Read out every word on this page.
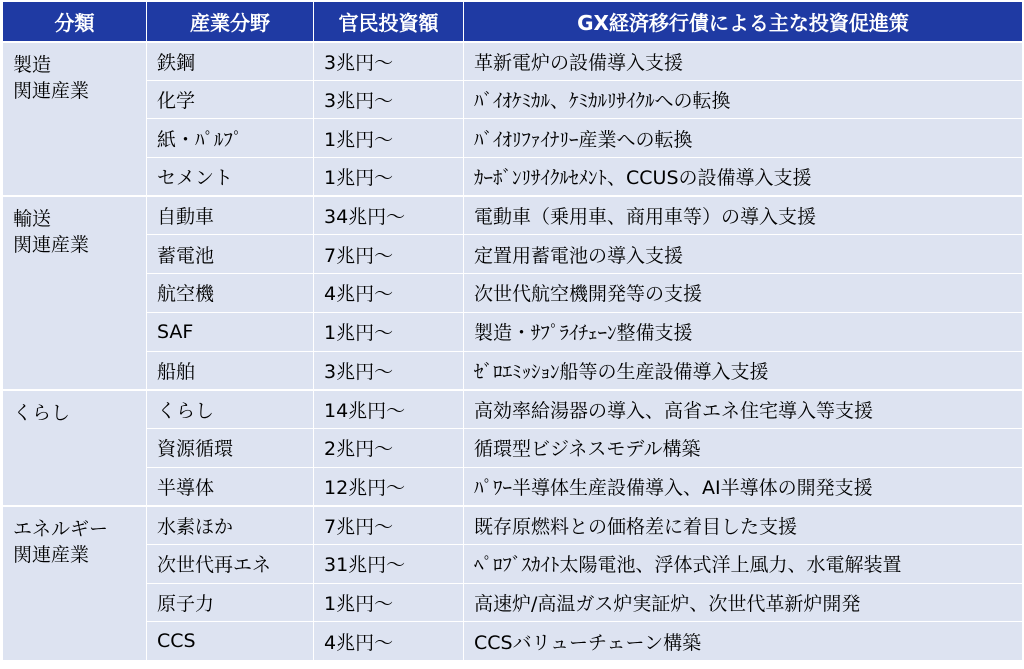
分類	産業分野	官民投資額	GX経済移行債による主な投資促進策

製造
関連産業	鉄鋼	3兆円～	革新電炉の設備導入支援
	化学	3兆円～	ﾊﾞｲｵｹﾐｶﾙ、ｹﾐｶﾙﾘｻｲｸﾙへの転換
	紙・ﾊﾟﾙﾌﾟ	1兆円～	ﾊﾞｲｵﾘﾌｧｲﾅﾘｰ産業への転換
	セメント	1兆円～	ｶｰﾎﾞﾝﾘｻｲｸﾙｾﾒﾝﾄ、CCUSの設備導入支援

輸送
関連産業	自動車	34兆円～	電動車（乗用車、商用車等）の導入支援
	蓄電池	7兆円～	定置用蓄電池の導入支援
	航空機	4兆円～	次世代航空機開発等の支援
	SAF	1兆円～	製造・ｻﾌﾟﾗｲﾁｪｰﾝ整備支援
	船舶	3兆円～	ｾﾞﾛｴﾐｯｼｮﾝ船等の生産設備導入支援

くらし	くらし	14兆円～	高効率給湯器の導入、高省エネ住宅導入等支援
	資源循環	2兆円～	循環型ビジネスモデル構築
	半導体	12兆円～	ﾊﾟﾜｰ半導体生産設備導入、AI半導体の開発支援

エネルギー
関連産業	水素ほか	7兆円～	既存原燃料との価格差に着目した支援
	次世代再エネ	31兆円～	ﾍﾟﾛﾌﾞｽｶｲﾄ太陽電池、浮体式洋上風力、水電解装置
	原子力	1兆円～	高速炉/高温ガス炉実証炉、次世代革新炉開発
	CCS	4兆円～	CCSバリューチェーン構築
